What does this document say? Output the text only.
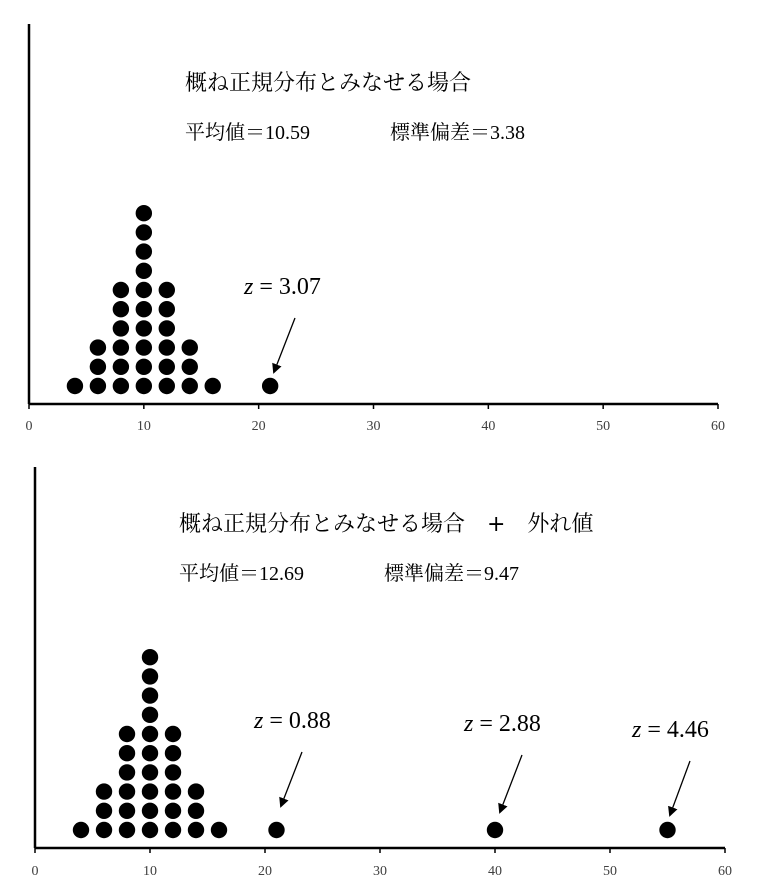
0	10	20	30	40	50	60
概ね正規分布とみなせる場合
平均値＝10.59	標準偏差＝3.38
z = 3.07
0	10	20	30	40	50	60
概ね正規分布とみなせる場合　+　外れ値
平均値＝12.69	標準偏差＝9.47
z = 0.88	z = 2.88	z = 4.46
